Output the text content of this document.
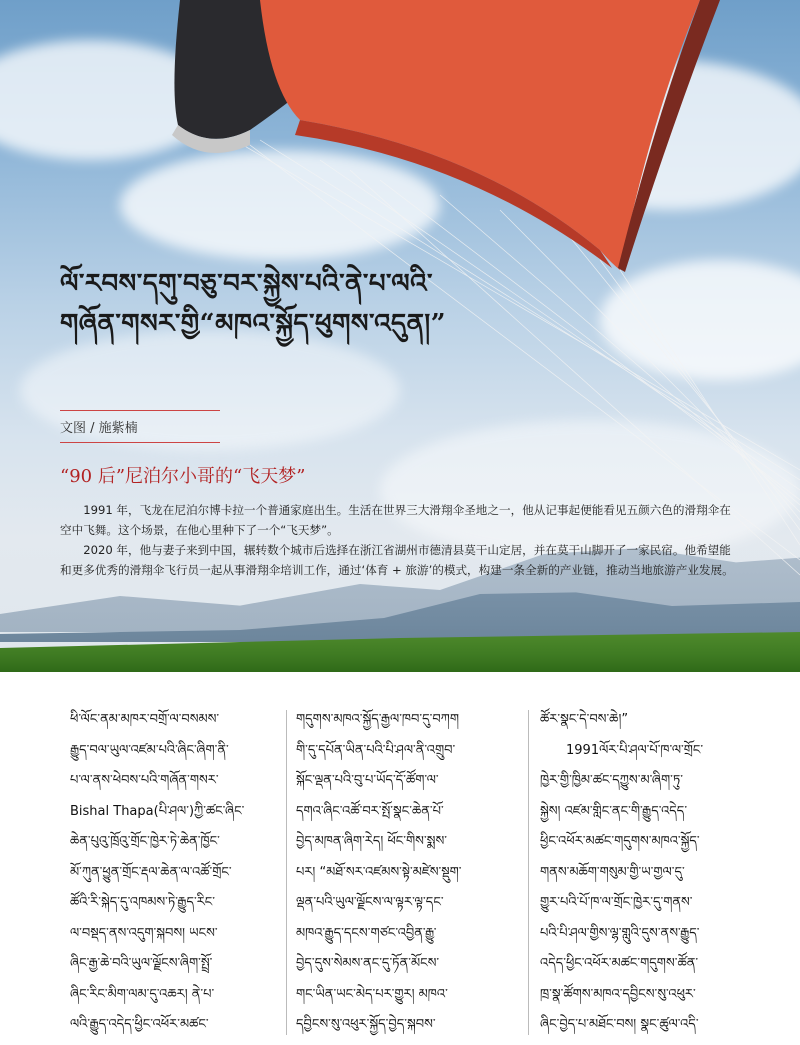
ལོ་རབས་དགུ་བཅུ་བར་སྐྱེས་པའི་ནེ་པ་ལའི་
གཞོན་གསར་གྱི“མཁའ་སྐྱོད་ཕུགས་འདུན།”
文图 / 施紫楠
“90 后”尼泊尔小哥的“飞天梦”

1991 年，飞龙在尼泊尔博卡拉一个普通家庭出生。生活在世界三大滑翔伞圣地之一，他从记事起便能看见五颜六色的滑翔伞在空中飞舞。这个场景，在他心里种下了一个“飞天梦”。

2020 年，他与妻子来到中国，辗转数个城市后选择在浙江省湖州市德清县莫干山定居，并在莫干山脚开了一家民宿。他希望能和更多优秀的滑翔伞飞行员一起从事滑翔伞培训工作，通过‘体育 + 旅游’的模式，构建一条全新的产业链，推动当地旅游产业发展。

ཕི་ལོང་ནམ་མཁར་བགྲོ་ལ་བསམས་
རྒྱུད་བལ་ཡུལ་འཛམ་པའི་ཞིང་ཞིག་ནི་
པ་ལ་ནས་ཕེབས་པའི་གཞོན་གསར་
Bishal Thapa(པི་ཤལ་)ཀྱི་ཚང་ཞིང་
ཆེན་པུའུ་ཁྲོའུ་གྲོང་ཁྱེར་ཏེ་ཆེན་ཁྱོང་
མོ་ཀུན་ཕྱུན་གྲོང་རྡལ་ཆེན་ལ་འཚོ་གྲོང་
ཚོའི་རི་སྐེད་དུ་འཁམས་ཏེ་རྒྱུད་རིང་
ལ་བསྡད་ནས་འདུག་སྐབས། ཡངས་
ཞིང་རྒྱ་ཆེ་བའི་ཡུལ་ལྗོངས་ཞིག་སྤྲོ་
ཞིང་རིང་མིག་ལམ་དུ་འཆར། ནེ་པ་
ལའི་རྒྱུད་འདེད་ཕྱིང་འཕོར་མཚང་

གདུགས་མཁའ་སྐྱོད་རྒྱལ་ཁབ་དུ་བཀག
གི་དུ་དཔོན་ཡིན་པའི་པི་ཤལ་ནི་འགྲུབ་
སྐོང་ལྡན་པའི་བུ་པ་ཡོད་དོ་ཚོག་ལ་
དགའ་ཞིང་འཚོ་བར་སྤོ་སྣང་ཆེན་པོ་
བྱེད་མཁན་ཞིག་རེད། ཕོང་གིས་སྨས་
པར། “མཐོ་སར་འཛམས་སྟེ་མཛེས་སྡུག་
ལྡན་པའི་ཡུལ་ལྗོངས་ལ་ལྟར་ལྟ་དང་
མཁའ་རྒྱུད་དངས་གཙང་འབྱིན་རྒྱུ་
བྱེད་དུས་སེམས་ནང་དུ་ཏོན་མོངས་
གང་ཡིན་ཡང་མེད་པར་གྱུར། མཁའ་
དབྱིངས་སུ་འཕུར་སྐྱོད་བྱེད་སྐབས་

ཚོར་སྣང་དེ་བས་ཆེ།”
　　1991ལོར་པི་ཤལ་པོ་ཁ་ལ་གྲོང་
ཁྱེར་གྱི་ཁྱིམ་ཚང་དཀྱུས་མ་ཞིག་ཏུ་
སྐྱེས། འཛམ་གླིང་ནང་གི་རྒྱུད་འདེད་
ཕྱིང་འཕོར་མཚང་གདུགས་མཁའ་སྐྱོད་
གནས་མཆོག་གསུམ་གྱི་ཡ་གྱལ་དུ་
གྱུར་པའི་པོ་ཁ་ལ་གྲོང་ཁྱེར་དུ་གནས་
པའི་པི་ཤལ་གྱིས་ལྷ་གླུའི་དུས་ནས་རྒྱུད་
འདེད་ཕྱིང་འཕོར་མཚང་གདུགས་ཚོན་
ཁྲ་སྣ་ཚོགས་མཁའ་དབྱིངས་སུ་འཕུར་
ཞིང་བྱེད་པ་མཐོང་བས། སྣང་ཚུལ་འདི་
